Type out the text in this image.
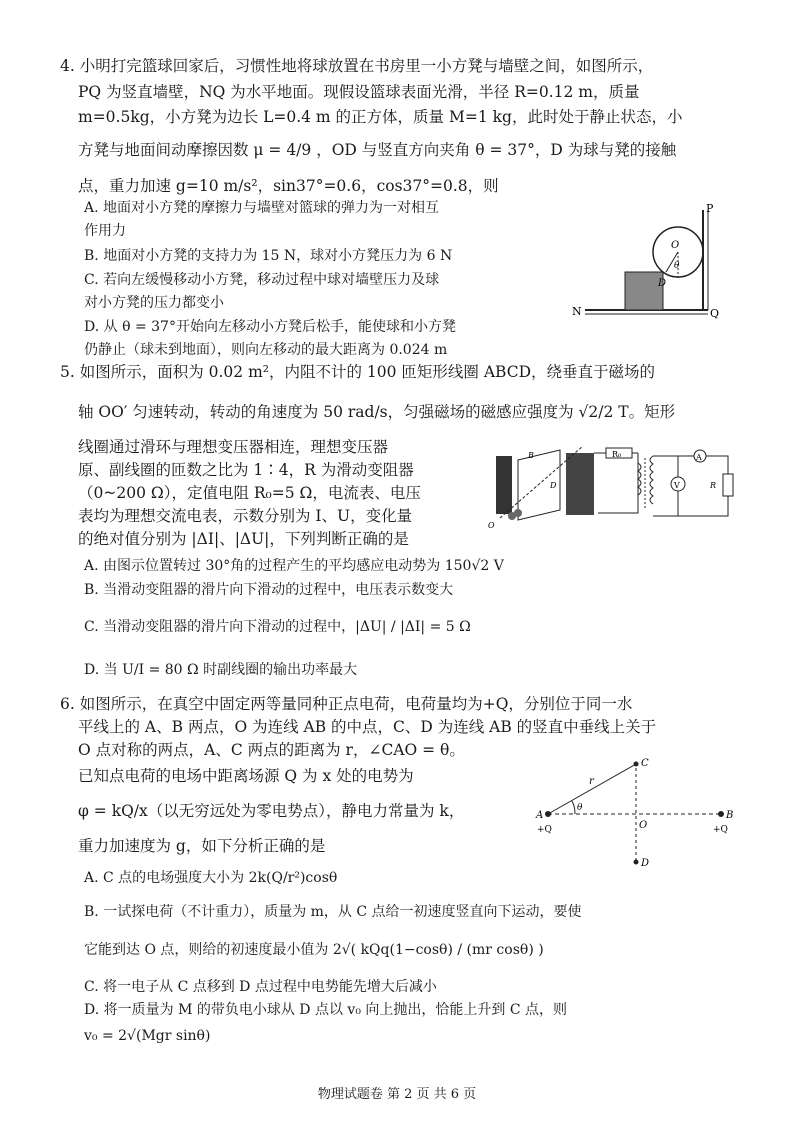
4. 小明打完篮球回家后，习惯性地将球放置在书房里一小方凳与墙壁之间，如图所示，
PQ 为竖直墙壁，NQ 为水平地面。现假设篮球表面光滑，半径 R=0.12 m，质量
m=0.5kg，小方凳为边长 L=0.4 m 的正方体，质量 M=1 kg，此时处于静止状态，小
方凳与地面间动摩擦因数 μ = 4/9 ，OD 与竖直方向夹角 θ = 37°，D 为球与凳的接触
点，重力加速 g=10 m/s²，sin37°=0.6，cos37°=0.8，则
A. 地面对小方凳的摩擦力与墙壁对篮球的弹力为一对相互
作用力
B. 地面对小方凳的支持力为 15 N，球对小方凳压力为 6 N
C. 若向左缓慢移动小方凳，移动过程中球对墙壁压力及球
对小方凳的压力都变小
D. 从 θ = 37°开始向左移动小方凳后松手，能使球和小方凳
仍静止（球未到地面），则向左移动的最大距离为 0.024 m
P
N	Q
O
D
θ
5. 如图所示，面积为 0.02 m²，内阻不计的 100 匝矩形线圈 ABCD，绕垂直于磁场的
轴 OO′ 匀速转动，转动的角速度为 50 rad/s，匀强磁场的磁感应强度为 √2/2 T。矩形
线圈通过滑环与理想变压器相连，理想变压器
原、副线圈的匝数之比为 1∶4，R 为滑动变阻器
（0~200 Ω），定值电阻 R₀=5 Ω，电流表、电压
表均为理想交流电表，示数分别为 I、U，变化量
的绝对值分别为 |ΔI|、|ΔU|，下列判断正确的是
A. 由图示位置转过 30°角的过程产生的平均感应电动势为 150√2 V
B. 当滑动变阻器的滑片向下滑动的过程中，电压表示数变大
C. 当滑动变阻器的滑片向下滑动的过程中，|ΔU| / |ΔI| = 5 Ω
D. 当 U/I = 80 Ω 时副线圈的输出功率最大
R₀	A
V	R
O
B
D
6. 如图所示，在真空中固定两等量同种正点电荷，电荷量均为+Q，分别位于同一水
平线上的 A、B 两点，O 为连线 AB 的中点，C、D 为连线 AB 的竖直中垂线上关于
O 点对称的两点，A、C 两点的距离为 r，∠CAO = θ。
已知点电荷的电场中距离场源 Q 为 x 处的电势为
φ = kQ/x（以无穷远处为零电势点），静电力常量为 k，
重力加速度为 g，如下分析正确的是
A. C 点的电场强度大小为 2k(Q/r²)cosθ
B. 一试探电荷（不计重力），质量为 m，从 C 点给一初速度竖直向下运动，要使
它能到达 O 点，则给的初速度最小值为 2√( kQq(1−cosθ) / (mr cosθ) )
C. 将一电子从 C 点移到 D 点过程中电势能先增大后减小
D. 将一质量为 M 的带负电小球从 D 点以 v₀ 向上抛出，恰能上升到 C 点，则
v₀ = 2√(Mgr sinθ)
A	B
C
D
O
r
θ
+Q	+Q
物理试题卷 第 2 页 共 6 页
